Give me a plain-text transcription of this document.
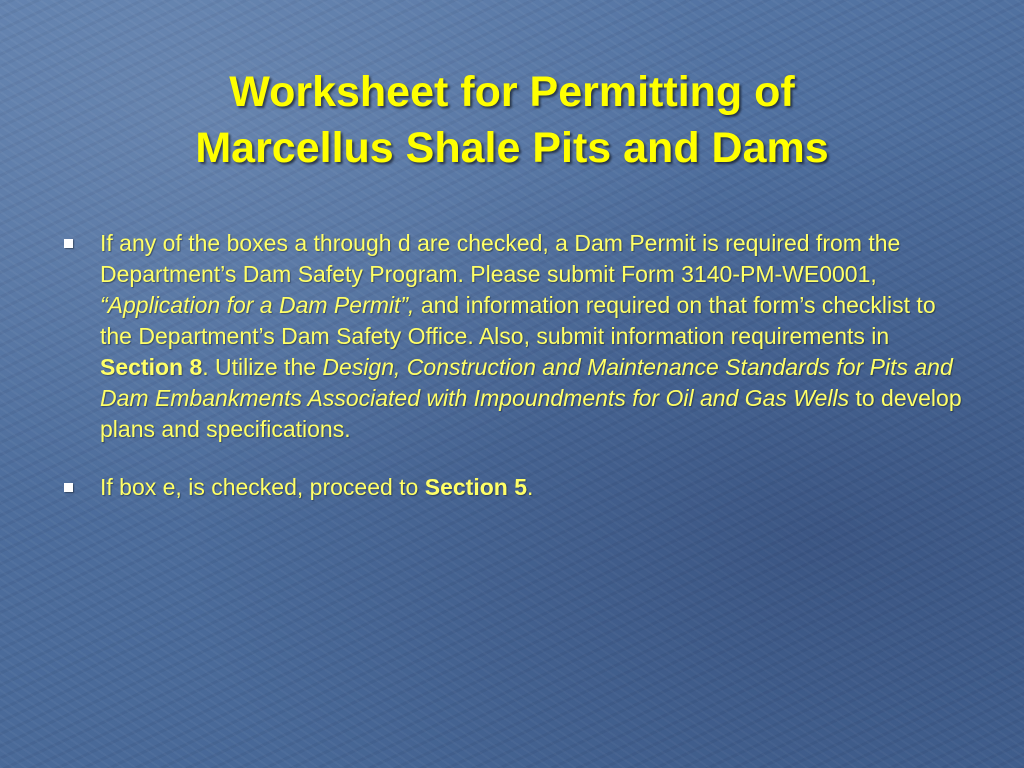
Worksheet for Permitting of
Marcellus Shale Pits and Dams
If any of the boxes a through d are checked, a Dam Permit is required from the Department’s Dam Safety Program. Please submit Form 3140-PM-WE0001, “Application for a Dam Permit”, and information required on that form’s checklist to the Department’s Dam Safety Office. Also, submit information requirements in Section 8. Utilize the Design, Construction and Maintenance Standards for Pits and Dam Embankments Associated with Impoundments for Oil and Gas Wells to develop plans and specifications.
If box e, is checked, proceed to Section 5.
